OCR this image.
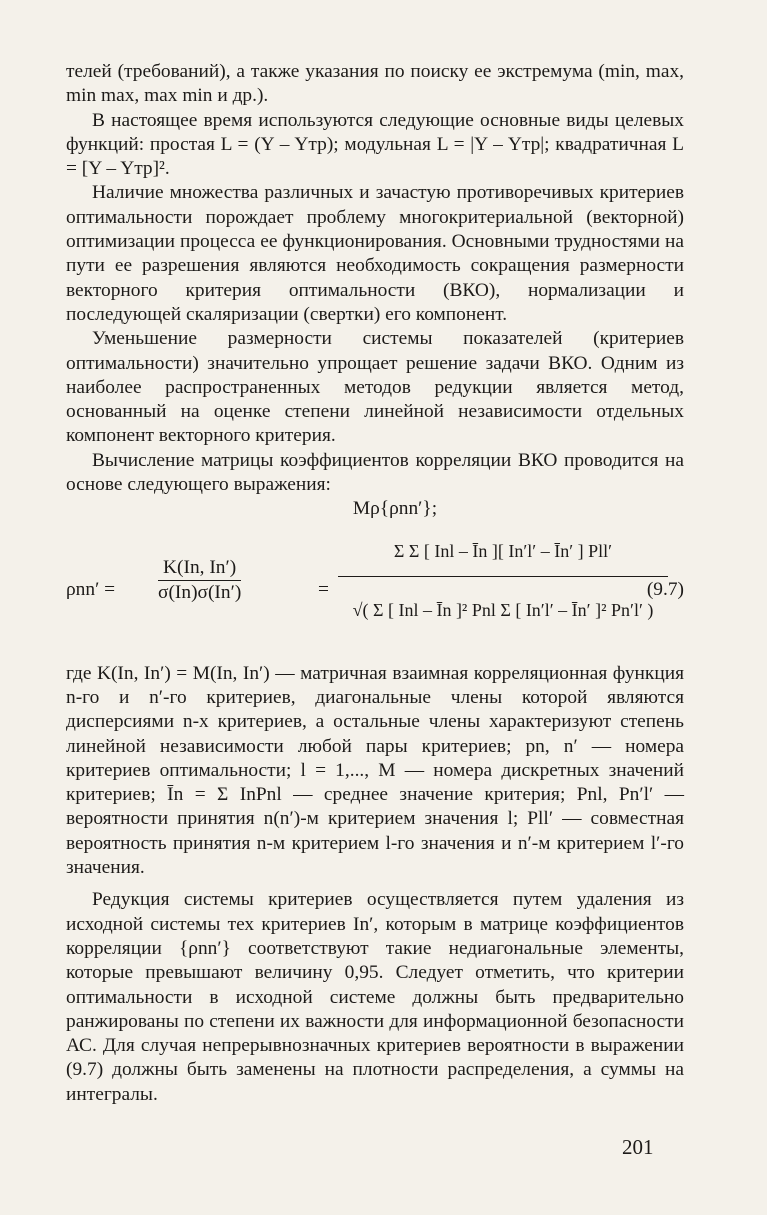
телей (требований), а также указания по поиску ее экстремума (min, max, min max, max min и др.).

В настоящее время используются следующие основные виды целевых функций: простая L = (Y – Yтр); модульная L = |Y – Yтр|; квадратичная L = [Y – Yтр]².

Наличие множества различных и зачастую противоречивых критериев оптимальности порождает проблему многокритериальной (векторной) оптимизации процесса ее функционирования. Основными трудностями на пути ее разрешения являются необходимость сокращения размерности векторного критерия оптимальности (ВКО), нормализации и последующей скаляризации (свертки) его компонент.

Уменьшение размерности системы показателей (критериев оптимальности) значительно упрощает решение задачи ВКО. Одним из наиболее распространенных методов редукции является метод, основанный на оценке степени линейной независимости отдельных компонент векторного критерия.

Вычисление матрицы коэффициентов корреляции ВКО проводится на основе следующего выражения:

Mρ{ρnn′};

ρnn′ =
K(In, In′)
σ(In)σ(In′)	=
Σ Σ [ Inl – Īn ][ In′l′ – Īn′ ] Pll′
√( Σ [ Inl – Īn ]² Pnl Σ [ In′l′ – Īn′ ]² Pn′l′ )
(9.7)

где K(In, In′) = M(In, In′) — матричная взаимная корреляционная функция n-го и n′-го критериев, диагональные члены которой являются дисперсиями n-х критериев, а остальные члены характеризуют степень линейной независимости любой пары критериев; pn, n′ — номера критериев оптимальности; l = 1,..., M — номера дискретных значений критериев; Īn = Σ InPnl — среднее значение критерия; Pnl, Pn′l′ — вероятности принятия n(n′)-м критерием значения l; Pll′ — совместная вероятность принятия n-м критерием l-го значения и n′-м критерием l′-го значения.

Редукция системы критериев осуществляется путем удаления из исходной системы тех критериев In′, которым в матрице коэффициентов корреляции {ρnn′} соответствуют такие недиагональные элементы, которые превышают величину 0,95. Следует отметить, что критерии оптимальности в исходной системе должны быть предварительно ранжированы по степени их важности для информационной безопасности АС. Для случая непрерывнозначных критериев вероятности в выражении (9.7) должны быть заменены на плотности распределения, а суммы на интегралы.

201
